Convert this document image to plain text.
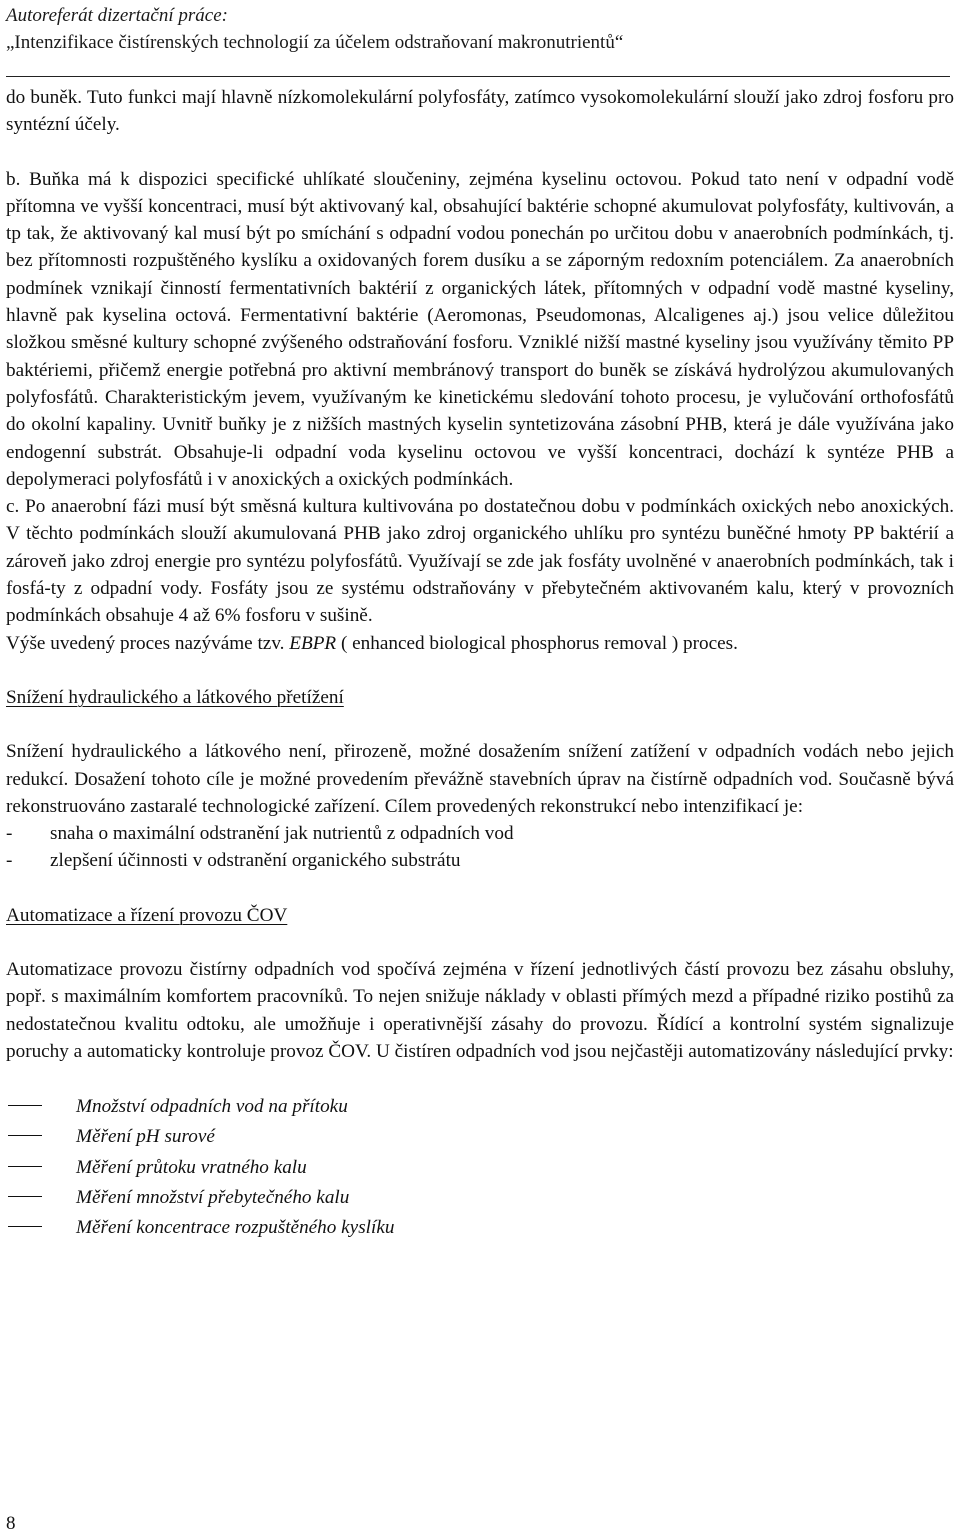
Autoreferát dizertační práce:
„Intenzifikace čistírenských technologií za účelem odstraňovaní makronutrientů“

do buněk. Tuto funkci mají hlavně nízkomolekulární polyfosfáty, zatímco vysokomolekulární slouží jako zdroj fosforu pro syntézní účely.

b. Buňka má k dispozici specifické uhlíkaté sloučeniny, zejména kyselinu octovou. Pokud tato není v odpadní vodě přítomna ve vyšší koncentraci, musí být aktivovaný kal, obsahující baktérie schopné akumulovat polyfosfáty, kultivován, a tp tak, že aktivovaný kal musí být po smíchání s odpadní vodou ponechán po určitou dobu v anaerobních podmínkách, tj. bez přítomnosti rozpuštěného kyslíku a oxidovaných forem dusíku a se záporným redoxním potenciálem. Za anaerobních podmínek vznikají činností fermentativních baktérií z organických látek, přítomných v odpadní vodě mastné kyseliny, hlavně pak kyselina octová. Fermentativní baktérie (Aeromonas, Pseudomonas, Alcaligenes aj.) jsou velice důležitou složkou směsné kultury schopné zvýšeného odstraňování fosforu. Vzniklé nižší mastné kyseliny jsou využívány těmito PP baktériemi, přičemž energie potřebná pro aktivní membránový transport do buněk se získává hydrolýzou akumulovaných polyfosfátů. Charakteristickým jevem, využívaným ke kinetickému sledování tohoto procesu, je vylučování orthofosfátů do okolní kapaliny. Uvnitř buňky je z nižších mastných kyselin syntetizována zásobní PHB, která je dále využívána jako endogenní substrát. Obsahuje-li odpadní voda kyselinu octovou ve vyšší koncentraci, dochází k syntéze PHB a depolymeraci polyfosfátů i v anoxických a oxických podmínkách.

c. Po anaerobní fázi musí být směsná kultura kultivována po dostatečnou dobu v podmínkách oxických nebo anoxických. V těchto podmínkách slouží akumulovaná PHB jako zdroj organického uhlíku pro syntézu buněčné hmoty PP baktérií a zároveň jako zdroj energie pro syntézu polyfosfátů. Využívají se zde jak fosfáty uvolněné v anaerobních podmínkách, tak i fosfá-ty z odpadní vody. Fosfáty jsou ze systému odstraňovány v přebytečném aktivovaném kalu, který v provozních podmínkách obsahuje 4 až 6% fosforu v sušině.

Výše uvedený proces nazýváme tzv. EBPR ( enhanced biological phosphorus removal ) proces.

Snížení hydraulického a látkového přetížení

Snížení hydraulického a látkového není, přirozeně, možné dosažením snížení zatížení v odpadních vodách nebo jejich redukcí. Dosažení tohoto cíle je možné provedením převážně stavebních úprav na čistírně odpadních vod. Současně bývá rekonstruováno zastaralé technologické zařízení. Cílem provedených rekonstrukcí nebo intenzifikací je:

-	snaha o maximální odstranění jak nutrientů z odpadních vod
-	zlepšení účinnosti v odstranění organického substrátu

Automatizace a řízení provozu ČOV

Automatizace provozu čistírny odpadních vod spočívá zejména v řízení jednotlivých částí provozu bez zásahu obsluhy, popř. s maximálním komfortem pracovníků. To nejen snižuje náklady v oblasti přímých mezd a případné riziko postihů za nedostatečnou kvalitu odtoku, ale umožňuje i operativnější zásahy do provozu. Řídící a kontrolní systém signalizuje poruchy a automaticky kontroluje provoz ČOV. U čistíren odpadních vod jsou nejčastěji automatizovány následující prvky:

Množství odpadních vod na přítoku
Měření pH surové
Měření průtoku vratného kalu
Měření množství přebytečného kalu
Měření koncentrace rozpuštěného kyslíku
8
